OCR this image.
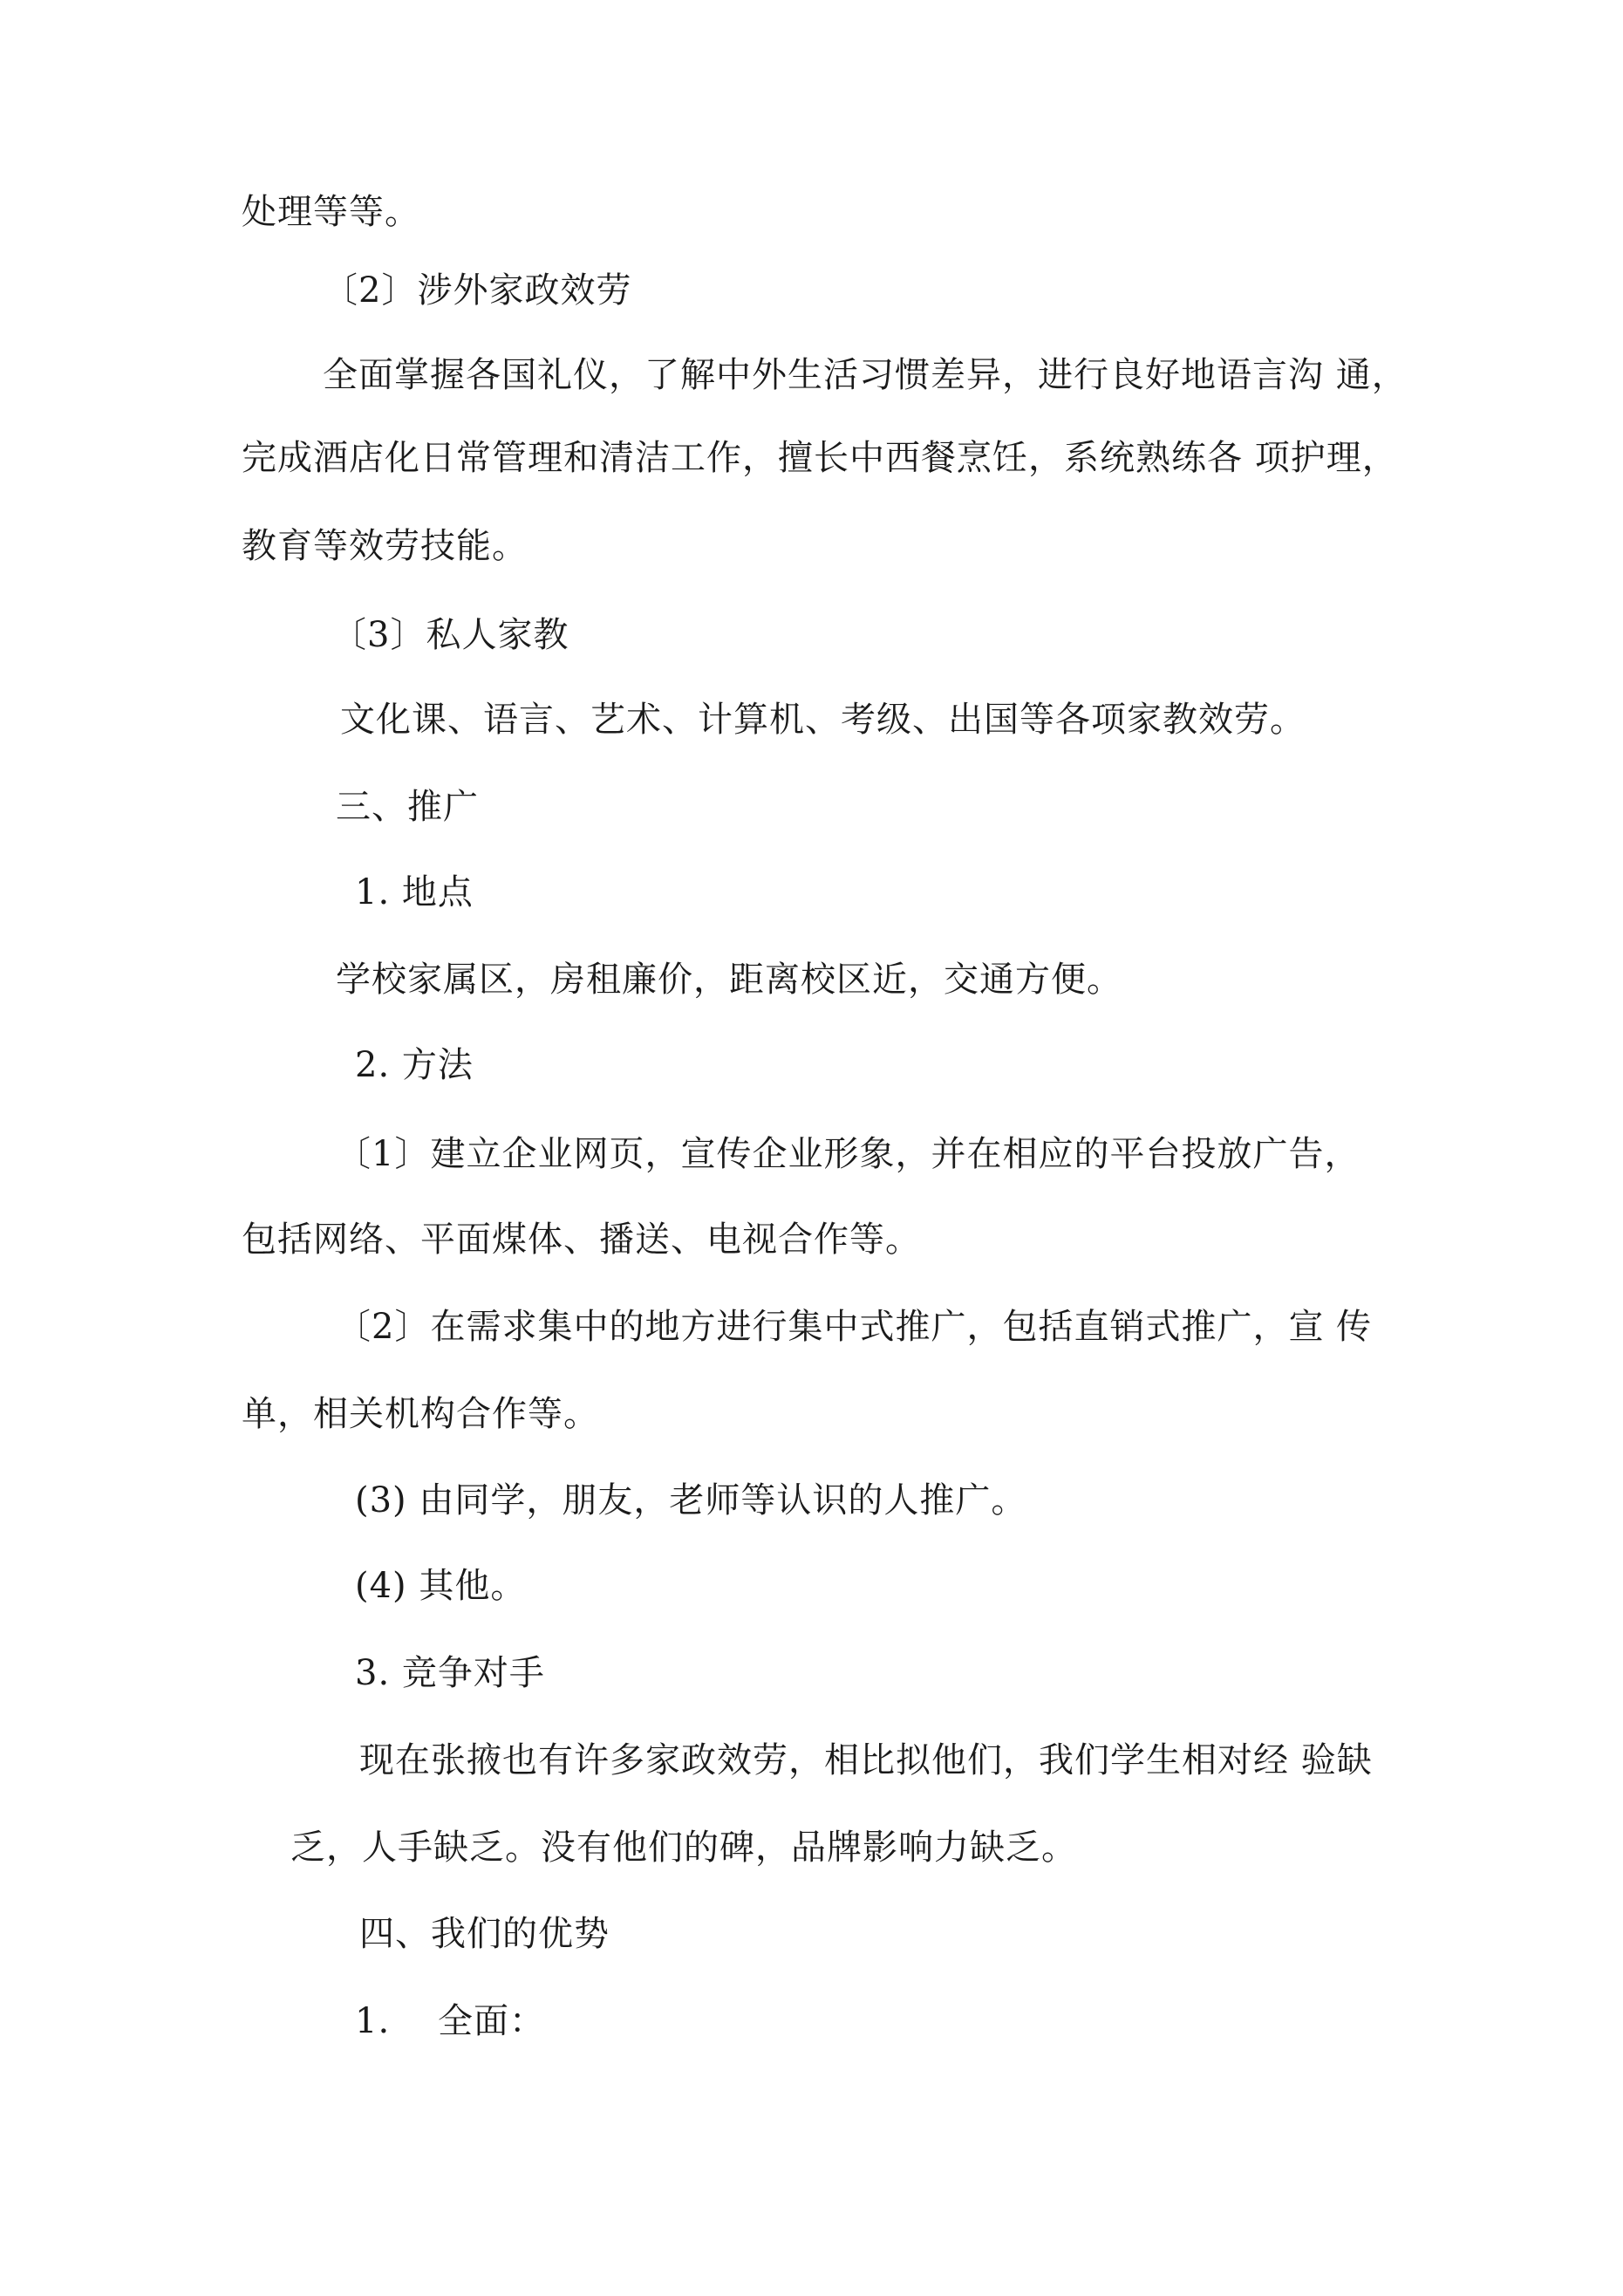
处理等等。
〔2〕涉外家政效劳
全面掌握各国礼仪，了解中外生活习惯差异，进行良好地语言沟 通，
完成酒店化日常管理和清洁工作，擅长中西餐烹饪，系统熟练各 项护理，
教育等效劳技能。
〔3〕私人家教
文化课、语言、艺术、计算机、考级、出国等各项家教效劳。
三、推广
1. 地点
学校家属区，房租廉价，距离校区近，交通方便。
2. 方法
〔1〕建立企业网页，宣传企业形象，并在相应的平台投放广告，
包括网络、平面煤体、播送、电视合作等。
〔2〕在需求集中的地方进行集中式推广，包括直销式推广，宣 传
单，相关机构合作等。
(3) 由同学，朋友，老师等认识的人推广。
(4) 其他。
3. 竞争对手
现在张掖也有许多家政效劳，相比拟他们，我们学生相对经 验缺
乏，人手缺乏。没有他们的碑，品牌影响力缺乏。
四、我们的优势
1.    全面：
